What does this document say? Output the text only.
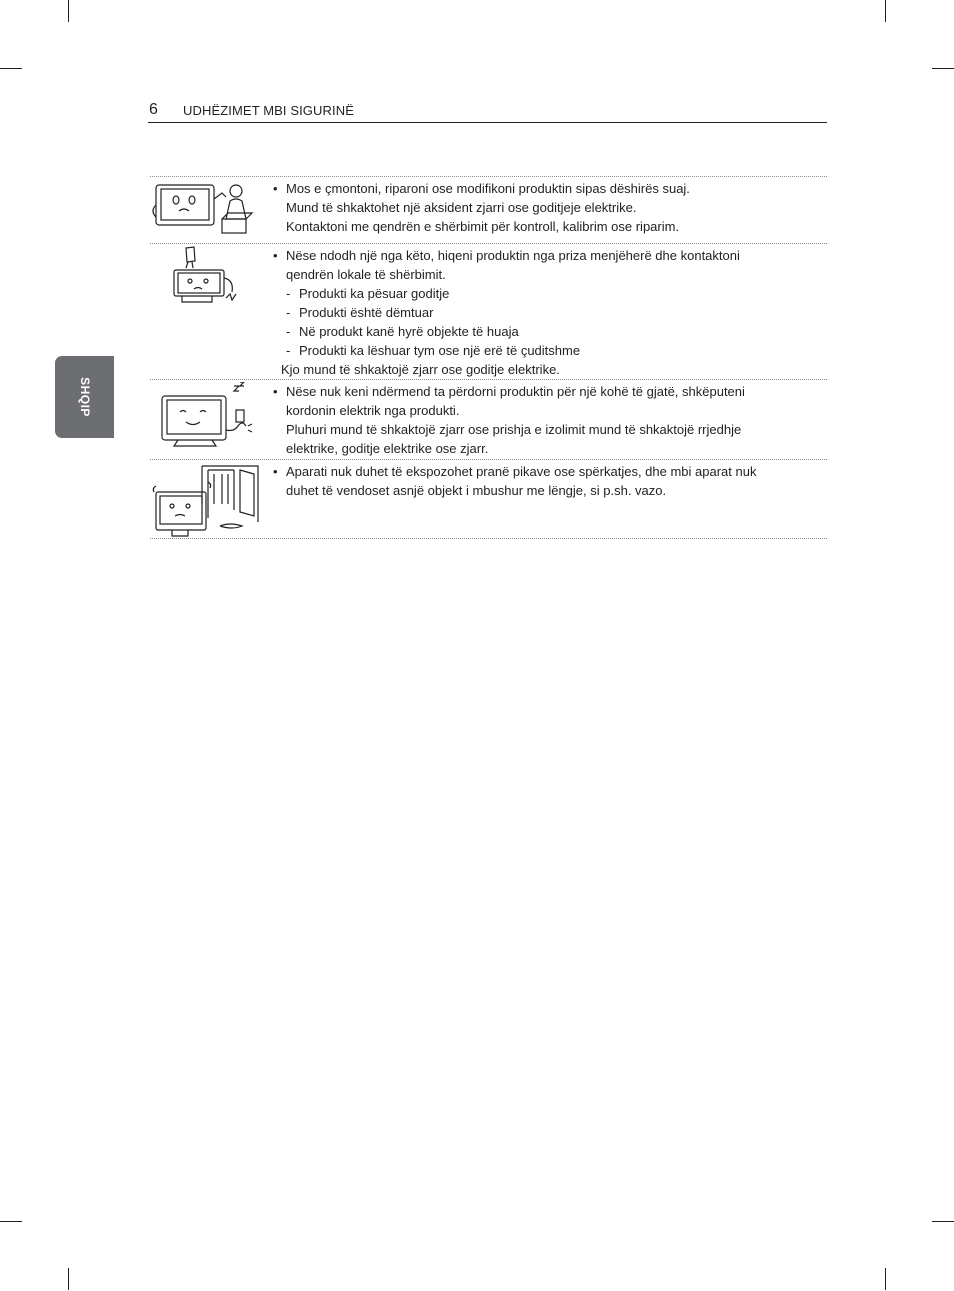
6 UDHËZIMET MBI SIGURINË
SHQIP
• Mos e çmontoni, riparoni ose modifikoni produktin sipas dëshirës suaj.
Mund të shkaktohet një aksident zjarri ose goditjeje elektrike.
Kontaktoni me qendrën e shërbimit për kontroll, kalibrim ose riparim.
• Nëse ndodh një nga këto, hiqeni produktin nga priza menjëherë dhe kontaktoni
qendrën lokale të shërbimit.
- Produkti ka pësuar goditje
- Produkti është dëmtuar
- Në produkt kanë hyrë objekte të huaja
- Produkti ka lëshuar tym ose një erë të çuditshme
Kjo mund të shkaktojë zjarr ose goditje elektrike.
• Nëse nuk keni ndërmend ta përdorni produktin për një kohë të gjatë, shkëputeni
kordonin elektrik nga produkti.
Pluhuri mund të shkaktojë zjarr ose prishja e izolimit mund të shkaktojë rrjedhje
elektrike, goditje elektrike ose zjarr.
• Aparati nuk duhet të ekspozohet pranë pikave ose spërkatjes, dhe mbi aparat nuk
duhet të vendoset asnjë objekt i mbushur me lëngje, si p.sh. vazo.
